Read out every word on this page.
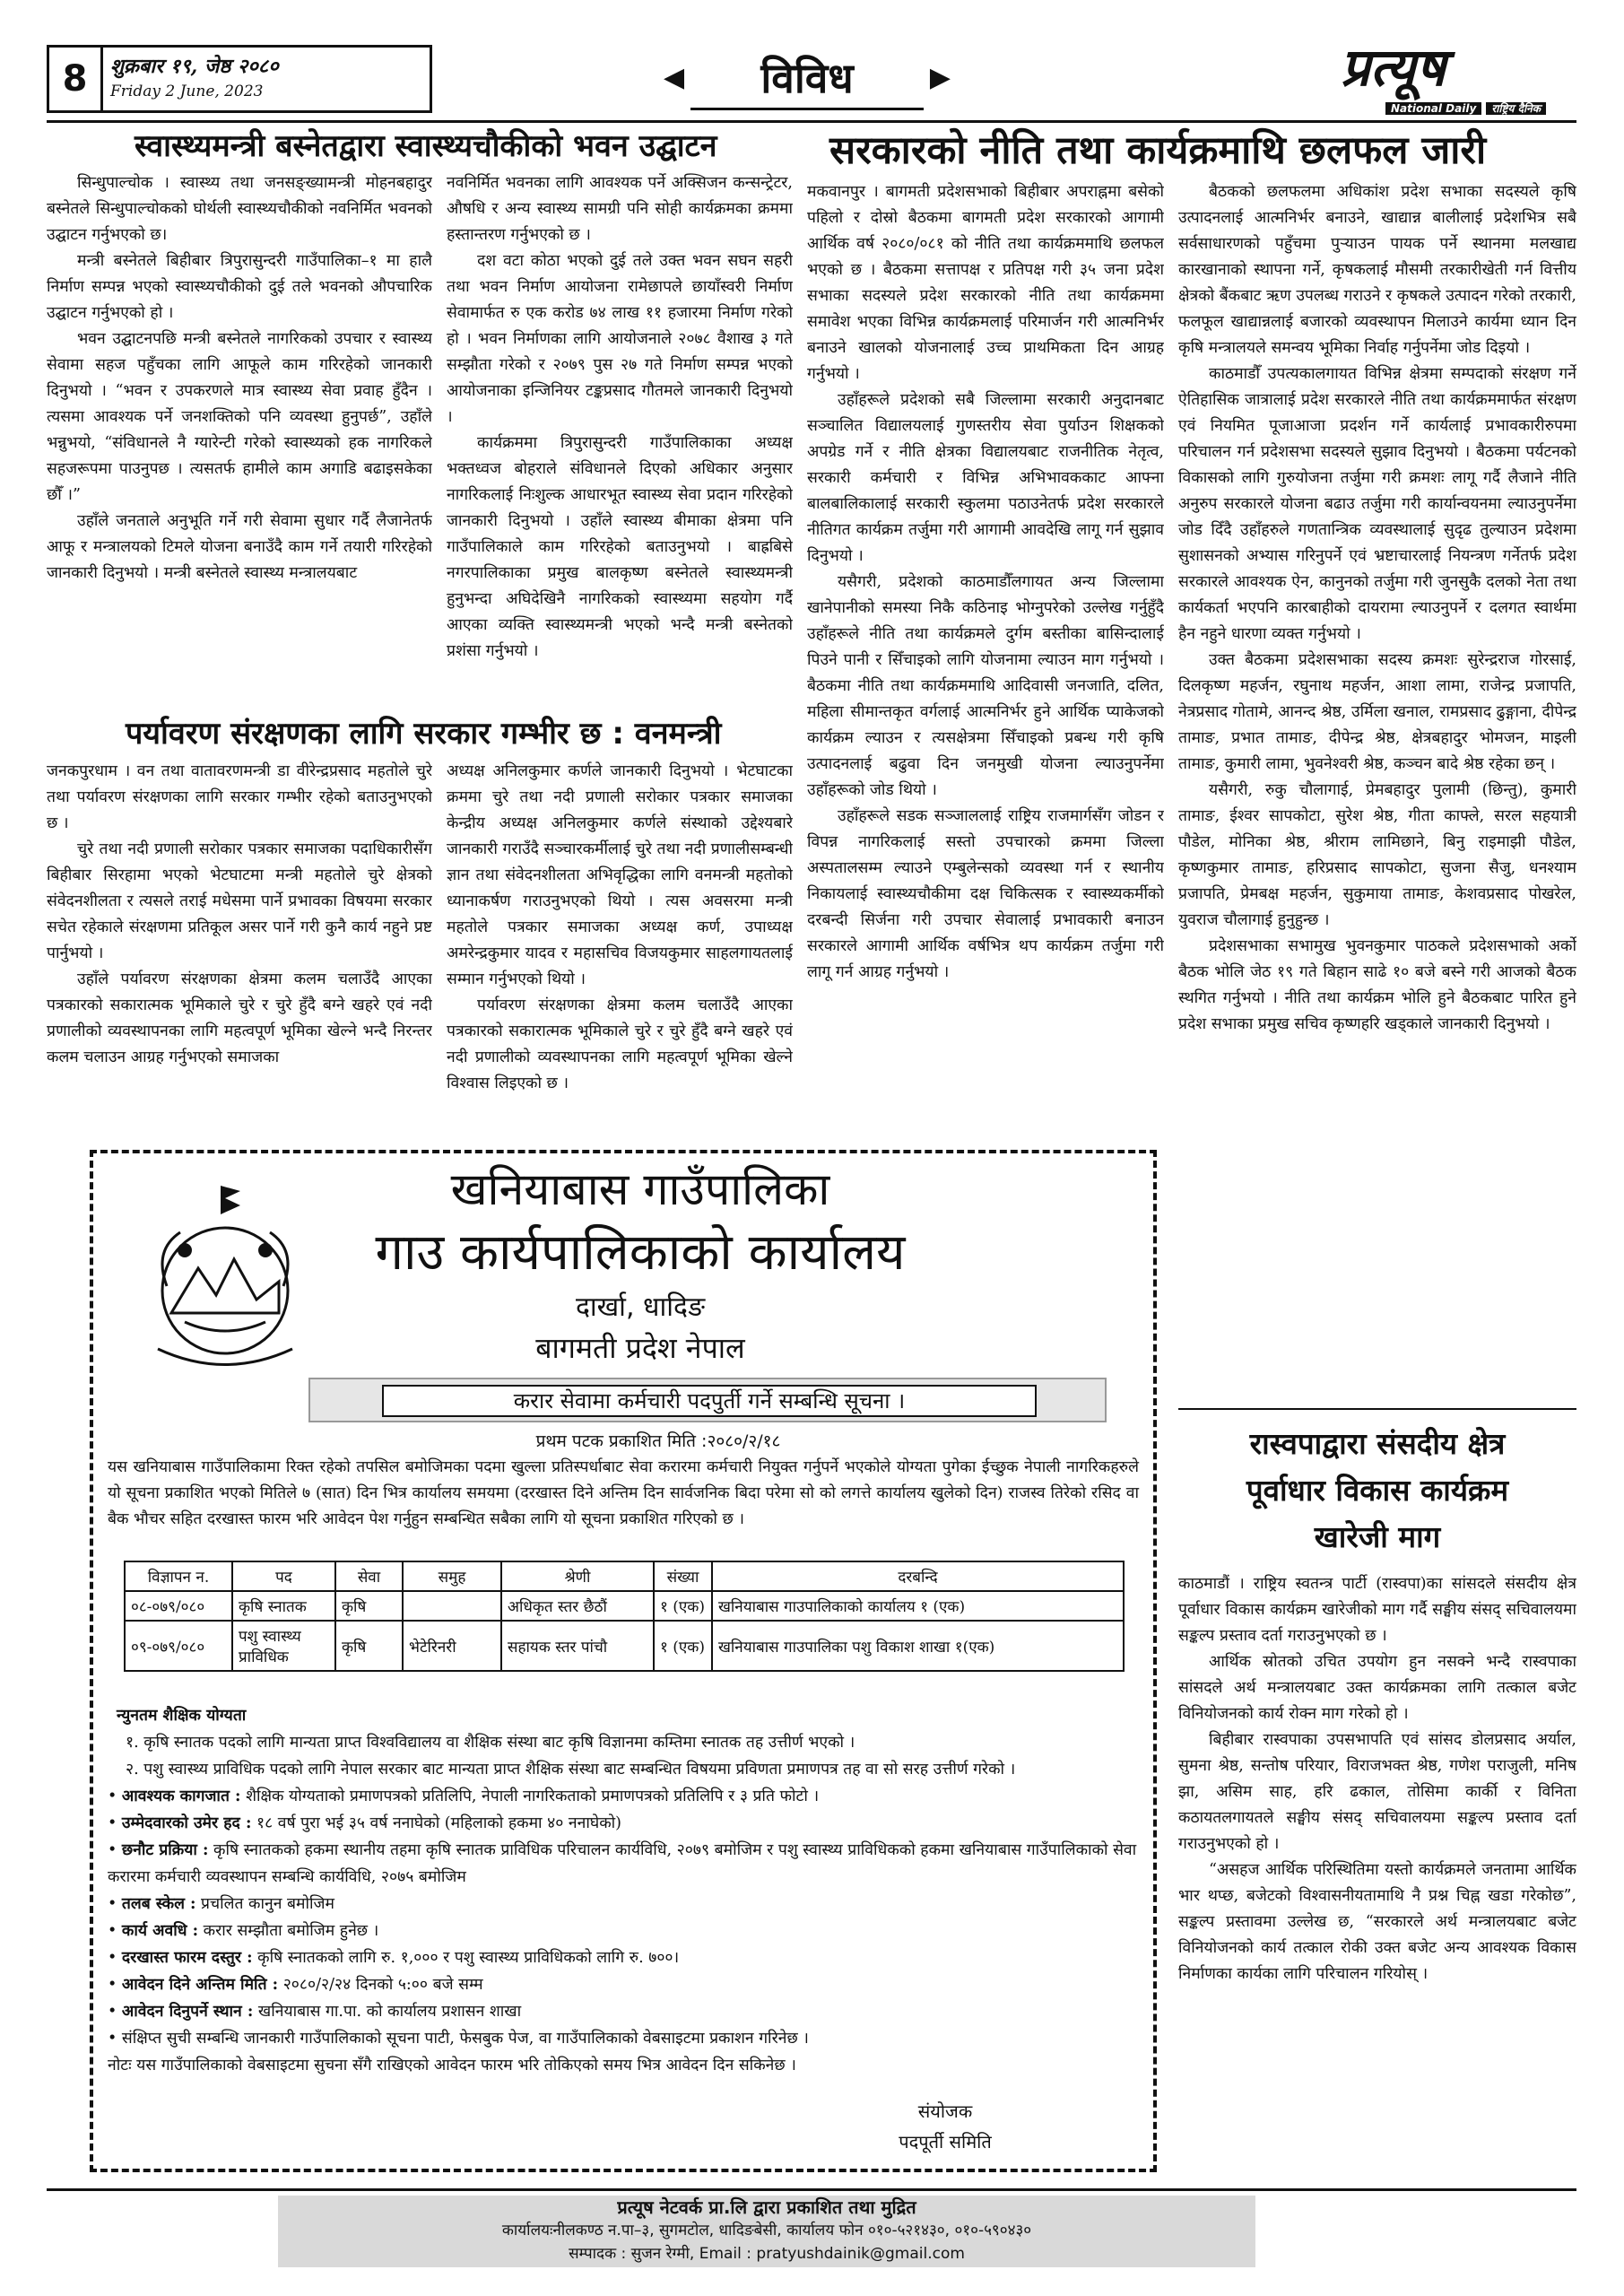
8	शुक्रबार १९, जेष्ठ २०८०
Friday 2 June, 2023	◀	विविध	▶	प्रत्यूष
National Daily राष्ट्रिय दैनिक
स्वास्थ्यमन्त्री बस्नेतद्वारा स्वास्थ्यचौकीको भवन उद्घाटन

सिन्धुपाल्चोक । स्वास्थ्य तथा जनसङ्ख्यामन्त्री मोहनबहादुर बस्नेतले सिन्धुपाल्चोकको घोर्थली स्वास्थ्यचौकीको नवनिर्मित भवनको उद्घाटन गर्नुभएको छ।

मन्त्री बस्नेतले बिहीबार त्रिपुरासुन्दरी गाउँपालिका–१ मा हालै निर्माण सम्पन्न भएको स्वास्थ्यचौकीको दुई तले भवनको औपचारिक उद्घाटन गर्नुभएको हो ।

भवन उद्घाटनपछि मन्त्री बस्नेतले नागरिकको उपचार र स्वास्थ्य सेवामा सहज पहुँचका लागि आफूले काम गरिरहेको जानकारी दिनुभयो । “भवन र उपकरणले मात्र स्वास्थ्य सेवा प्रवाह हुँदैन । त्यसमा आवश्यक पर्ने जनशक्तिको पनि व्यवस्था हुनुपर्छ”, उहाँले भन्नुभयो, “संविधानले नै ग्यारेन्टी गरेको स्वास्थ्यको हक नागरिकले सहजरूपमा पाउनुपछ । त्यसतर्फ हामीले काम अगाडि बढाइसकेका छौँ ।”

उहाँले जनताले अनुभूति गर्ने गरी सेवामा सुधार गर्दै लैजानेतर्फ आफू र मन्त्रालयको टिमले योजना बनाउँदै काम गर्ने तयारी गरिरहेको जानकारी दिनुभयो । मन्त्री बस्नेतले स्वास्थ्य मन्त्रालयबाट

नवनिर्मित भवनका लागि आवश्यक पर्ने अक्सिजन कन्सन्ट्रेटर, औषधि र अन्य स्वास्थ्य सामग्री पनि सोही कार्यक्रमका क्रममा हस्तान्तरण गर्नुभएको छ ।

दश वटा कोठा भएको दुई तले उक्त भवन सघन सहरी तथा भवन निर्माण आयोजना रामेछापले छायाँस्वरी निर्माण सेवामार्फत रु एक करोड ७४ लाख ११ हजारमा निर्माण गरेको हो । भवन निर्माणका लागि आयोजनाले २०७८ वैशाख ३ गते सम्झौता गरेको र २०७९ पुस २७ गते निर्माण सम्पन्न भएको आयोजनाका इन्जिनियर टङ्कप्रसाद गौतमले जानकारी दिनुभयो ।

कार्यक्रममा त्रिपुरासुन्दरी गाउँपालिकाका अध्यक्ष भक्तध्वज बोहराले संविधानले दिएको अधिकार अनुसार नागरिकलाई निःशुल्क आधारभूत स्वास्थ्य सेवा प्रदान गरिरहेको जानकारी दिनुभयो । उहाँले स्वास्थ्य बीमाका क्षेत्रमा पनि गाउँपालिकाले काम गरिरहेको बताउनुभयो । बाह्रबिसे नगरपालिकाका प्रमुख बालकृष्ण बस्नेतले स्वास्थ्यमन्त्री हुनुभन्दा अघिदेखिनै नागरिकको स्वास्थ्यमा सहयोग गर्दै आएका व्यक्ति स्वास्थ्यमन्त्री भएको भन्दै मन्त्री बस्नेतको प्रशंसा गर्नुभयो ।

पर्यावरण संरक्षणका लागि सरकार गम्भीर छ : वनमन्त्री

जनकपुरधाम । वन तथा वातावरणमन्त्री डा वीरेन्द्रप्रसाद महतोले चुरे तथा पर्यावरण संरक्षणका लागि सरकार गम्भीर रहेको बताउनुभएको छ ।

चुरे तथा नदी प्रणाली सरोकार पत्रकार समाजका पदाधिकारीसँग बिहीबार सिरहामा भएको भेटघाटमा मन्त्री महतोले चुरे क्षेत्रको संवेदनशीलता र त्यसले तराई मधेसमा पार्ने प्रभावका विषयमा सरकार सचेत रहेकाले संरक्षणमा प्रतिकूल असर पार्ने गरी कुनै कार्य नहुने प्रष्ट पार्नुभयो ।

उहाँले पर्यावरण संरक्षणका क्षेत्रमा कलम चलाउँदै आएका पत्रकारको सकारात्मक भूमिकाले चुरे र चुरे हुँदै बग्ने खहरे एवं नदी प्रणालीको व्यवस्थापनका लागि महत्वपूर्ण भूमिका खेल्ने भन्दै निरन्तर कलम चलाउन आग्रह गर्नुभएको समाजका

अध्यक्ष अनिलकुमार कर्णले जानकारी दिनुभयो । भेटघाटका क्रममा चुरे तथा नदी प्रणाली सरोकार पत्रकार समाजका केन्द्रीय अध्यक्ष अनिलकुमार कर्णले संस्थाको उद्देश्यबारे जानकारी गराउँदै सञ्चारकर्मीलाई चुरे तथा नदी प्रणालीसम्बन्धी ज्ञान तथा संवेदनशीलता अभिवृद्धिका लागि वनमन्त्री महतोको ध्यानाकर्षण गराउनुभएको थियो । त्यस अवसरमा मन्त्री महतोले पत्रकार समाजका अध्यक्ष कर्ण, उपाध्यक्ष अमरेन्द्रकुमार यादव र महासचिव विजयकुमार साहलगायतलाई सम्मान गर्नुभएको थियो ।

पर्यावरण संरक्षणका क्षेत्रमा कलम चलाउँदै आएका पत्रकारको सकारात्मक भूमिकाले चुरे र चुरे हुँदै बग्ने खहरे एवं नदी प्रणालीको व्यवस्थापनका लागि महत्वपूर्ण भूमिका खेल्ने विश्वास लिइएको छ ।

सरकारको नीति तथा कार्यक्रमाथि छलफल जारी

मकवानपुर । बागमती प्रदेशसभाको बिहीबार अपराह्नमा बसेको पहिलो र दोस्रो बैठकमा बागमती प्रदेश सरकारको आगामी आर्थिक वर्ष २०८०/०८१ को नीति तथा कार्यक्रममाथि छलफल भएको छ । बैठकमा सत्तापक्ष र प्रतिपक्ष गरी ३५ जना प्रदेश सभाका सदस्यले प्रदेश सरकारको नीति तथा कार्यक्रममा समावेश भएका विभिन्न कार्यक्रमलाई परिमार्जन गरी आत्मनिर्भर बनाउने खालको योजनालाई उच्च प्राथमिकता दिन आग्रह गर्नुभयो ।

उहाँहरूले प्रदेशको सबै जिल्लामा सरकारी अनुदानबाट सञ्चालित विद्यालयलाई गुणस्तरीय सेवा पुर्याउन शिक्षकको अपग्रेड गर्ने र नीति क्षेत्रका विद्यालयबाट राजनीतिक नेतृत्व, सरकारी कर्मचारी र विभिन्न अभिभावककाट आफ्ना बालबालिकालाई सरकारी स्कुलमा पठाउनेतर्फ प्रदेश सरकारले नीतिगत कार्यक्रम तर्जुमा गरी आगामी आवदेखि लागू गर्न सुझाव दिनुभयो ।

यसैगरी, प्रदेशको काठमाडौँलगायत अन्य जिल्लामा खानेपानीको समस्या निकै कठिनाइ भोग्नुपरेको उल्लेख गर्नुहुँदै उहाँहरूले नीति तथा कार्यक्रमले दुर्गम बस्तीका बासिन्दालाई पिउने पानी र सिँचाइको लागि योजनामा ल्याउन माग गर्नुभयो । बैठकमा नीति तथा कार्यक्रममाथि आदिवासी जनजाति, दलित, महिला सीमान्तकृत वर्गलाई आत्मनिर्भर हुने आर्थिक प्याकेजको कार्यक्रम ल्याउन र त्यसक्षेत्रमा सिँचाइको प्रबन्ध गरी कृषि उत्पादनलाई बढुवा दिन जनमुखी योजना ल्याउनुपर्नेमा उहाँहरूको जोड थियो ।

उहाँहरूले सडक सञ्जाललाई राष्ट्रिय राजमार्गसँग जोडन र विपन्न नागरिकलाई सस्तो उपचारको क्रममा जिल्ला अस्पतालसम्म ल्याउने एम्बुलेन्सको व्यवस्था गर्न र स्थानीय निकायलाई स्वास्थ्यचौकीमा दक्ष चिकित्सक र स्वास्थ्यकर्मीको दरबन्दी सिर्जना गरी उपचार सेवालाई प्रभावकारी बनाउन सरकारले आगामी आर्थिक वर्षभित्र थप कार्यक्रम तर्जुमा गरी लागू गर्न आग्रह गर्नुभयो ।

बैठकको छलफलमा अधिकांश प्रदेश सभाका सदस्यले कृषि उत्पादनलाई आत्मनिर्भर बनाउने, खाद्यान्न बालीलाई प्रदेशभित्र सबै सर्वसाधारणको पहुँचमा पुर्‍याउन पायक पर्ने स्थानमा मलखाद्य कारखानाको स्थापना गर्ने, कृषकलाई मौसमी तरकारीखेती गर्न वित्तीय क्षेत्रको बैंकबाट ऋण उपलब्ध गराउने र कृषकले उत्पादन गरेको तरकारी, फलफूल खाद्यान्नलाई बजारको व्यवस्थापन मिलाउने कार्यमा ध्यान दिन कृषि मन्त्रालयले समन्वय भूमिका निर्वाह गर्नुपर्नेमा जोड दिइयो ।

काठमाडौँ उपत्यकालगायत विभिन्न क्षेत्रमा सम्पदाको संरक्षण गर्ने ऐतिहासिक जात्रालाई प्रदेश सरकारले नीति तथा कार्यक्रममार्फत संरक्षण एवं नियमित पूजाआजा प्रदर्शन गर्ने कार्यलाई प्रभावकारीरुपमा परिचालन गर्न प्रदेशसभा सदस्यले सुझाव दिनुभयो । बैठकमा पर्यटनको विकासको लागि गुरुयोजना तर्जुमा गरी क्रमशः लागू गर्दै लैजाने नीति अनुरुप सरकारले योजना बढाउ तर्जुमा गरी कार्यान्वयनमा ल्याउनुपर्नेमा जोड दिँदै उहाँहरुले गणतान्त्रिक व्यवस्थालाई सुदृढ तुल्याउन प्रदेशमा सुशासनको अभ्यास गरिनुपर्ने एवं भ्रष्टाचारलाई नियन्त्रण गर्नेतर्फ प्रदेश सरकारले आवश्यक ऐन, कानुनको तर्जुमा गरी जुनसुकै दलको नेता तथा कार्यकर्ता भएपनि कारबाहीको दायरामा ल्याउनुपर्ने र दलगत स्वार्थमा हैन नहुने धारणा व्यक्त गर्नुभयो ।

उक्त बैठकमा प्रदेशसभाका सदस्य क्रमशः सुरेन्द्रराज गोरसाई, दिलकृष्ण महर्जन, रघुनाथ महर्जन, आशा लामा, राजेन्द्र प्रजापति, नेत्रप्रसाद गोतामे, आनन्द श्रेष्ठ, उर्मिला खनाल, रामप्रसाद ढुङ्गाना, दीपेन्द्र तामाङ, प्रभात तामाङ, दीपेन्द्र श्रेष्ठ, क्षेत्रबहादुर भोमजन, माइली तामाङ, कुमारी लामा, भुवनेश्वरी श्रेष्ठ, कञ्चन बादे श्रेष्ठ रहेका छन् ।

यसैगरी, रुकु चौलागाई, प्रेमबहादुर पुलामी (छिन्तु), कुमारी तामाङ, ईश्वर सापकोटा, सुरेश श्रेष्ठ, गीता काफ्ले, सरल सहयात्री पौडेल, मोनिका श्रेष्ठ, श्रीराम लामिछाने, बिनु राइमाझी पौडेल, कृष्णकुमार तामाङ, हरिप्रसाद सापकोटा, सुजना सैजु, धनश्याम प्रजापति, प्रेमबक्ष महर्जन, सुकुमाया तामाङ, केशवप्रसाद पोखरेल, युवराज चौलागाई हुनुहुन्छ ।

प्रदेशसभाका सभामुख भुवनकुमार पाठकले प्रदेशसभाको अर्को बैठक भोलि जेठ १९ गते बिहान साढे १० बजे बस्ने गरी आजको बैठक स्थगित गर्नुभयो । नीति तथा कार्यक्रम भोलि हुने बैठकबाट पारित हुने प्रदेश सभाका प्रमुख सचिव कृष्णहरि खड्काले जानकारी दिनुभयो ।

रास्वपाद्वारा संसदीय क्षेत्र
पूर्वाधार विकास कार्यक्रम
खारेजी माग

काठमाडौं । राष्ट्रिय स्वतन्त्र पार्टी (रास्वपा)का सांसदले संसदीय क्षेत्र पूर्वाधार विकास कार्यक्रम खारेजीको माग गर्दै सङ्घीय संसद् सचिवालयमा सङ्कल्प प्रस्ताव दर्ता गराउनुभएको छ ।

आर्थिक स्रोतको उचित उपयोग हुन नसक्ने भन्दै रास्वपाका सांसदले अर्थ मन्त्रालयबाट उक्त कार्यक्रमका लागि तत्काल बजेट विनियोजनको कार्य रोक्न माग गरेको हो ।

बिहीबार रास्वपाका उपसभापति एवं सांसद डोलप्रसाद अर्याल, सुमना श्रेष्ठ, सन्तोष परियार, विराजभक्त श्रेष्ठ, गणेश पराजुली, मनिष झा, असिम साह, हरि ढकाल, तोसिमा कार्की र विनिता कठायतलगायतले सङ्घीय संसद् सचिवालयमा सङ्कल्प प्रस्ताव दर्ता गराउनुभएको हो ।

“असहज आर्थिक परिस्थितिमा यस्तो कार्यक्रमले जनतामा आर्थिक भार थप्छ, बजेटको विश्वासनीयतामाथि नै प्रश्न चिह्न खडा गरेकोछ”, सङ्कल्प प्रस्तावमा उल्लेख छ, “सरकारले अर्थ मन्त्रालयबाट बजेट विनियोजनको कार्य तत्काल रोकी उक्त बजेट अन्य आवश्यक विकास निर्माणका कार्यका लागि परिचालन गरियोस् ।

खनियाबास गाउँपालिका
गाउ कार्यपालिकाको कार्यालय
दार्खा, धादिङ
बागमती प्रदेश नेपाल
करार सेवामा कर्मचारी पदपुर्ती गर्ने सम्बन्धि सूचना ।
प्रथम पटक प्रकाशित मिति :२०८०/२/१८
यस खनियाबास गाउँपालिकामा रिक्त रहेको तपसिल बमोजिमका पदमा खुल्ला प्रतिस्पर्धाबाट सेवा करारमा कर्मचारी नियुक्त गर्नुपर्ने भएकोले योग्यता पुगेका ईच्छुक नेपाली नागरिकहरुले यो सूचना प्रकाशित भएको मितिले ७ (सात) दिन भित्र कार्यालय समयमा (दरखास्त दिने अन्तिम दिन सार्वजनिक बिदा परेमा सो को लगत्ते कार्यालय खुलेको दिन) राजस्व तिरेको रसिद वा बैक भौचर सहित दरखास्त फारम भरि आवेदन पेश गर्नुहुन सम्बन्धित सबैका लागि यो सूचना प्रकाशित गरिएको छ ।
विज्ञापन न.	पद	सेवा	समुह	श्रेणी	संख्या	दरबन्दि
०८-०७९/०८०	कृषि स्नातक	कृषि		अधिकृत स्तर छैठौं	१ (एक)	खनियाबास गाउपालिकाको कार्यालय १ (एक)
०९-०७९/०८०	पशु स्वास्थ्य प्राविधिक	कृषि	भेटेरिनरी	सहायक स्तर पांचौ	१ (एक)	खनियाबास गाउपालिका पशु विकाश शाखा १(एक)
न्युनतम शैक्षिक योग्यता
१. कृषि स्नातक पदको लागि मान्यता प्राप्त विश्वविद्यालय वा शैक्षिक संस्था बाट कृषि विज्ञानमा कम्तिमा स्नातक तह उत्तीर्ण भएको ।
२. पशु स्वास्थ्य प्राविधिक पदको लागि नेपाल सरकार बाट मान्यता प्राप्त शैक्षिक संस्था बाट सम्बन्धित विषयमा प्रविणता प्रमाणपत्र तह वा सो सरह उत्तीर्ण गरेको ।
• आवश्यक कागजात : शैक्षिक योग्यताको प्रमाणपत्रको प्रतिलिपि, नेपाली नागरिकताको प्रमाणपत्रको प्रतिलिपि र ३ प्रति फोटो ।
• उम्मेदवारको उमेर हद : १८ वर्ष पुरा भई ३५ वर्ष ननाघेको (महिलाको हकमा ४० ननाघेको)
• छनौट प्रक्रिया : कृषि स्नातकको हकमा स्थानीय तहमा कृषि स्नातक प्राविधिक परिचालन कार्यविधि, २०७९ बमोजिम र पशु स्वास्थ्य प्राविधिकको हकमा खनियाबास गाउँपालिकाको सेवा करारमा कर्मचारी व्यवस्थापन सम्बन्धि कार्यविधि, २०७५ बमोजिम
• तलब स्केल : प्रचलित कानुन बमोजिम
• कार्य अवधि : करार सम्झौता बमोजिम हुनेछ ।
• दरखास्त फारम दस्तुर : कृषि स्नातकको लागि रु. १,००० र पशु स्वास्थ्य प्राविधिकको लागि रु. ७००।
• आवेदन दिने अन्तिम मिति : २०८०/२/२४ दिनको ५:०० बजे सम्म
• आवेदन दिनुपर्ने स्थान : खनियाबास गा.पा. को कार्यालय प्रशासन शाखा
• संक्षिप्त सुची सम्बन्धि जानकारी गाउँपालिकाको सूचना पाटी, फेसबुक पेज, वा गाउँपालिकाको वेबसाइटमा प्रकाशन गरिनेछ ।
नोटः यस गाउँपालिकाको वेबसाइटमा सुचना सँगै राखिएको आवेदन फारम भरि तोकिएको समय भित्र आवेदन दिन सकिनेछ ।
संयोजक
पदपूर्ती समिति
प्रत्यूष नेटवर्क प्रा.लि द्वारा प्रकाशित तथा मुद्रित
कार्यालयःनीलकण्ठ न.पा–३, सुगमटोल, धादिङबेसी, कार्यालय फोन ०१०-५२१४३०, ०१०-५९०४३०
सम्पादक : सुजन रेग्मी, Email : pratyushdainik@gmail.com
